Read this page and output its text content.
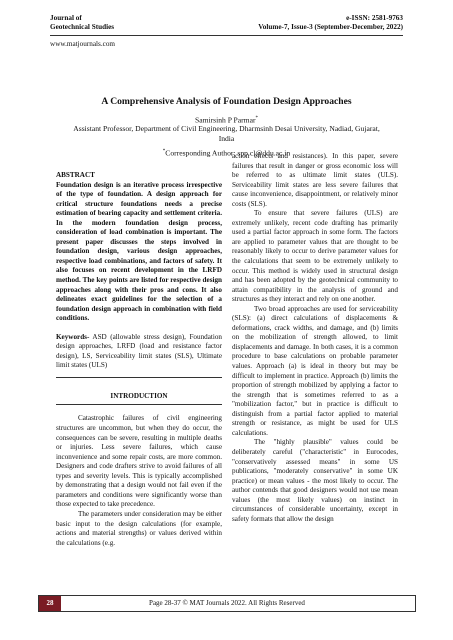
Journal of
Geotechnical Studies
e-ISSN: 2581-9763
Volume-7, Issue-3 (September-December, 2022)
www.matjournals.com
A Comprehensive Analysis of Foundation Design Approaches
Samirsinh P Parmar*
Assistant Professor, Department of Civil Engineering, Dharmsinh Desai University, Nadiad, Gujarat,
India
*Corresponding Author: spp.cl@ddu.ac.in

ABSTRACT

Foundation design is an iterative process irrespective of the type of foundation. A design approach for critical structure foundations needs a precise estimation of bearing capacity and settlement criteria. In the modern foundation design process, consideration of load combination is important. The present paper discusses the steps involved in foundation design, various design approaches, respective load combinations, and factors of safety. It also focuses on recent development in the LRFD method. The key points are listed for respective design approaches along with their pros and cons. It also delineates exact guidelines for the selection of a foundation design approach in combination with field conditions.

Keywords- ASD (allowable stress design), Foundation design approaches, LRFD (load and resistance factor design), LS, Serviceability limit states (SLS), Ultimate limit states (ULS)

INTRODUCTION

Catastrophic failures of civil engineering structures are uncommon, but when they do occur, the consequences can be severe, resulting in multiple deaths or injuries. Less severe failures, which cause inconvenience and some repair costs, are more common. Designers and code drafters strive to avoid failures of all types and severity levels. This is typically accomplished by demonstrating that a design would not fail even if the parameters and conditions were significantly worse than those expected to take precedence.

The parameters under consideration may be either basic input to the design calculations (for example, actions and material strengths) or values derived within the calculations (e.g.

action effects and resistances). In this paper, severe failures that result in danger or gross economic loss will be referred to as ultimate limit states (ULS). Serviceability limit states are less severe failures that cause inconvenience, disappointment, or relatively minor costs (SLS).

To ensure that severe failures (ULS) are extremely unlikely, recent code drafting has primarily used a partial factor approach in some form. The factors are applied to parameter values that are thought to be reasonably likely to occur to derive parameter values for the calculations that seem to be extremely unlikely to occur. This method is widely used in structural design and has been adopted by the geotechnical community to attain compatibility in the analysis of ground and structures as they interact and rely on one another.

Two broad approaches are used for serviceability (SLS): (a) direct calculations of displacements & deformations, crack widths, and damage, and (b) limits on the mobilization of strength allowed, to limit displacements and damage. In both cases, it is a common procedure to base calculations on probable parameter values. Approach (a) is ideal in theory but may be difficult to implement in practice. Approach (b) limits the proportion of strength mobilized by applying a factor to the strength that is sometimes referred to as a "mobilization factor," but in practice is difficult to distinguish from a partial factor applied to material strength or resistance, as might be used for ULS calculations.

The "highly plausible" values could be deliberately careful ("characteristic" in Eurocodes, "conservatively assessed means" in some US publications, "moderately conservative" in some UK practice) or mean values - the most likely to occur. The author contends that good designers would not use mean values (the most likely values) on instinct in circumstances of considerable uncertainty, except in safety formats that allow the design

28	Page 28-37 © MAT Journals 2022. All Rights Reserved
